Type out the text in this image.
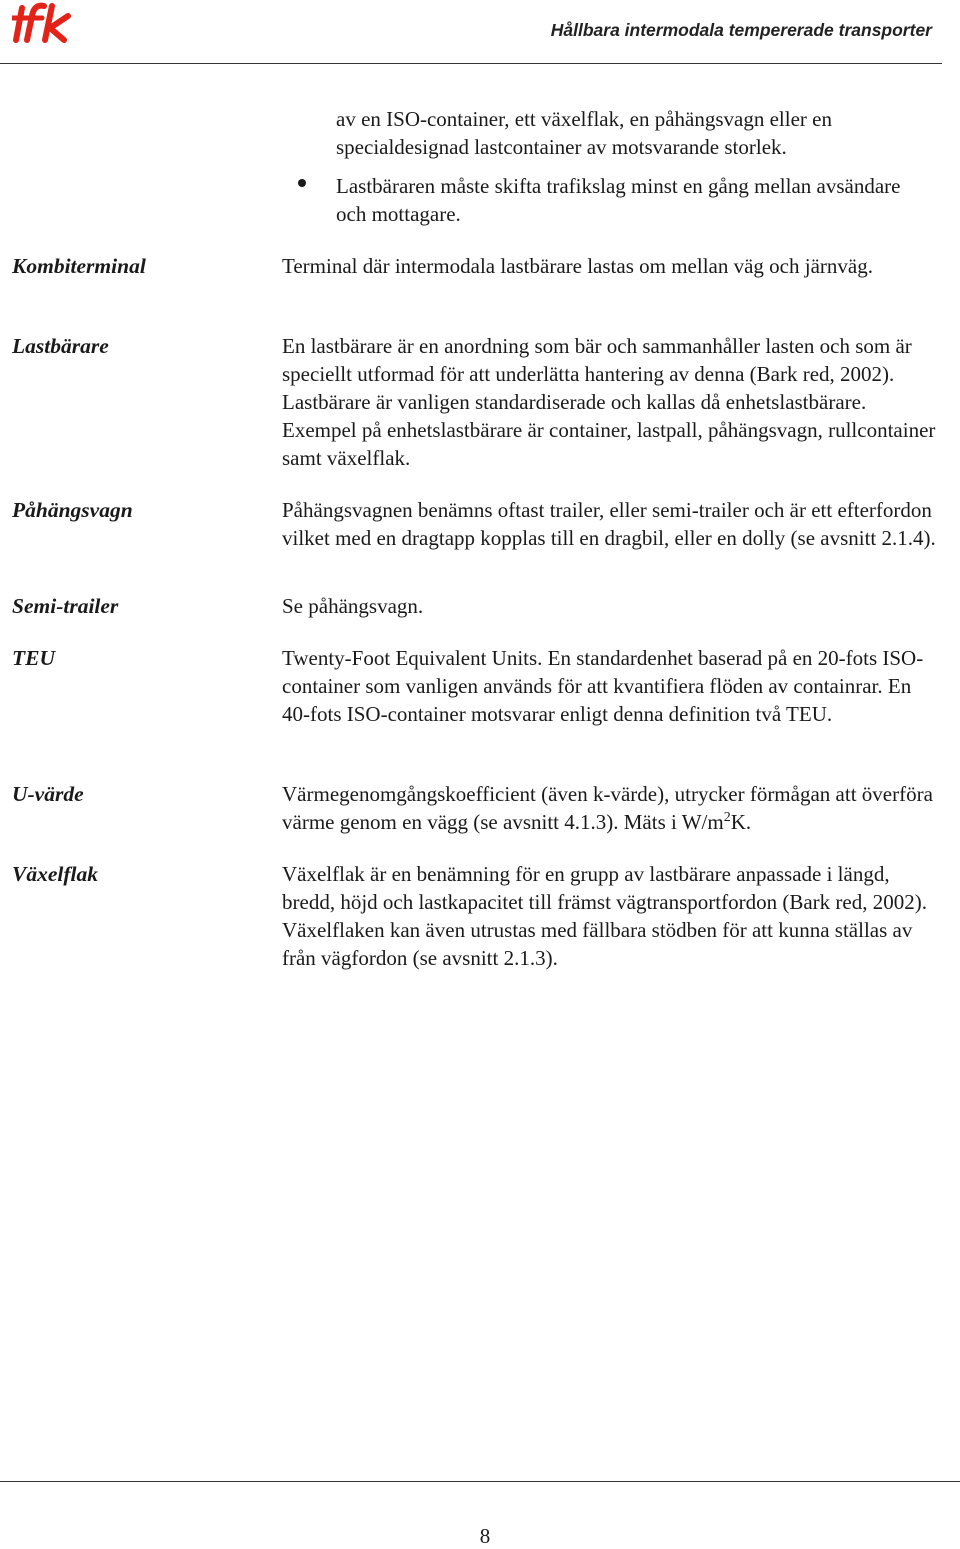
Hållbara intermodala tempererade transporter

av en ISO-container, ett växelflak, en påhängsvagn eller en specialdesignad lastcontainer av motsvarande storlek.

Lastbäraren måste skifta trafikslag minst en gång mellan avsändare och mottagare.

Kombiterminal	Terminal där intermodala lastbärare lastas om mellan väg och järnväg.

Lastbärare	En lastbärare är en anordning som bär och sammanhåller lasten och som är speciellt utformad för att underlätta hantering av denna (Bark red, 2002). Lastbärare är vanligen standardiserade och kallas då enhetslastbärare. Exempel på enhetslastbärare är container, lastpall, påhängsvagn, rullcontainer samt växelflak.

Påhängsvagn	Påhängsvagnen benämns oftast trailer, eller semi-trailer och är ett efterfordon vilket med en dragtapp kopplas till en dragbil, eller en dolly (se avsnitt 2.1.4).

Semi-trailer	Se påhängsvagn.

TEU	Twenty-Foot Equivalent Units. En standardenhet baserad på en 20-fots ISO-container som vanligen används för att kvantifiera flöden av containrar. En 40-fots ISO-container motsvarar enligt denna definition två TEU.

U-värde	Värmegenomgångskoefficient (även k-värde), utrycker förmågan att överföra värme genom en vägg (se avsnitt 4.1.3). Mäts i $W/m^2K$.

Växelflak	Växelflak är en benämning för en grupp av lastbärare anpassade i längd, bredd, höjd och lastkapacitet till främst vägtransportfordon (Bark red, 2002). Växelflaken kan även utrustas med fällbara stödben för att kunna ställas av från vägfordon (se avsnitt 2.1.3).

8
